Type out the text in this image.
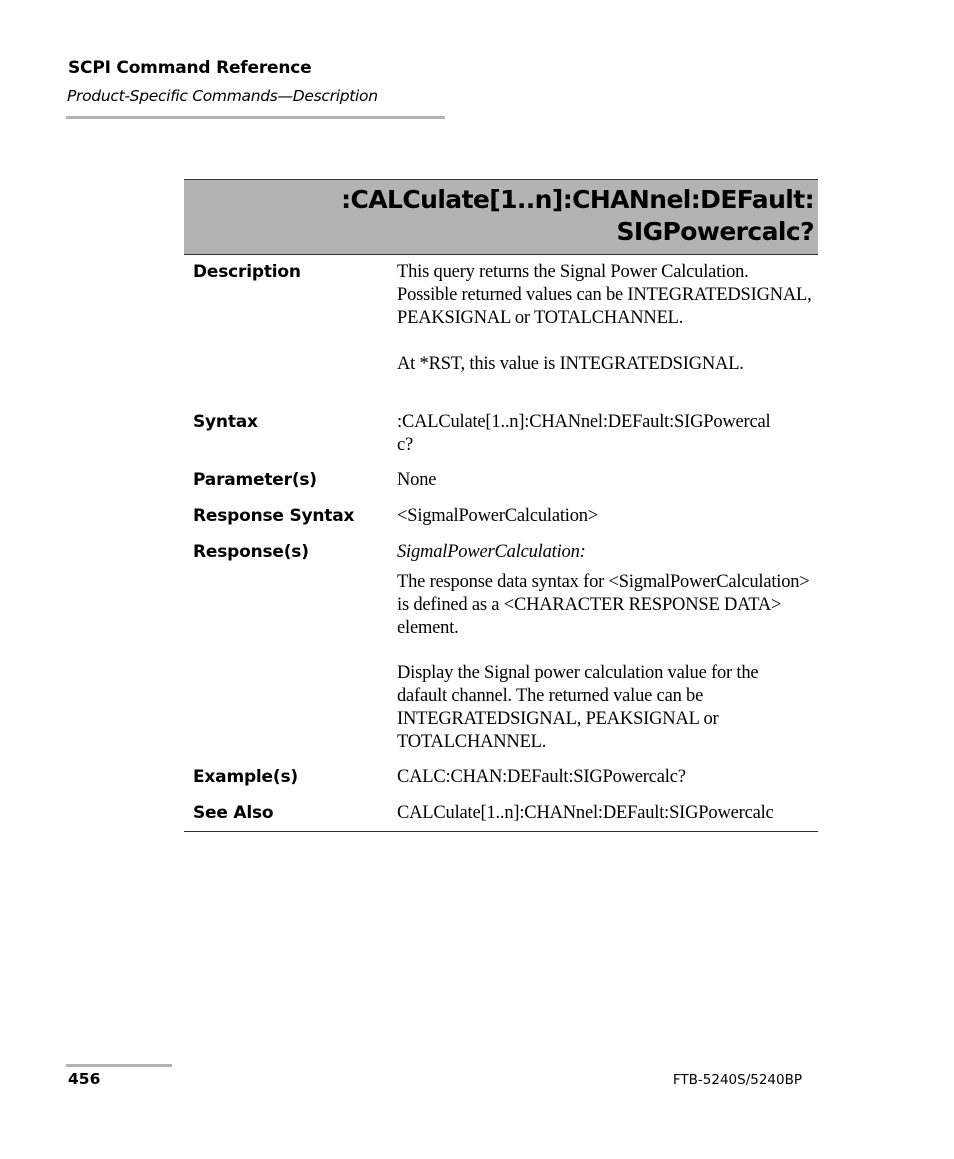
SCPI Command Reference
Product-Specific Commands—Description
:CALCulate[1..n]:CHANnel:DEFault:
SIGPowercalc?
Description	This query returns the Signal Power Calculation. Possible returned values can be INTEGRATEDSIGNAL, PEAKSIGNAL or TOTALCHANNEL.

At *RST, this value is INTEGRATEDSIGNAL.

Syntax	:CALCulate[1..n]:CHANnel:DEFault:SIGPowercal

c?

Parameter(s)	None
Response Syntax <SigmalPowerCalculation>
Response(s)	SigmalPowerCalculation:

The response data syntax for <SigmalPowerCalculation> is defined as a <CHARACTER RESPONSE DATA> element.

Display the Signal power calculation value for the dafault channel. The returned value can be INTEGRATEDSIGNAL, PEAKSIGNAL or TOTALCHANNEL.

Example(s)	CALC:CHAN:DEFault:SIGPowercalc?
See Also	CALCulate[1..n]:CHANnel:DEFault:SIGPowercalc
456	FTB-5240S/5240BP
